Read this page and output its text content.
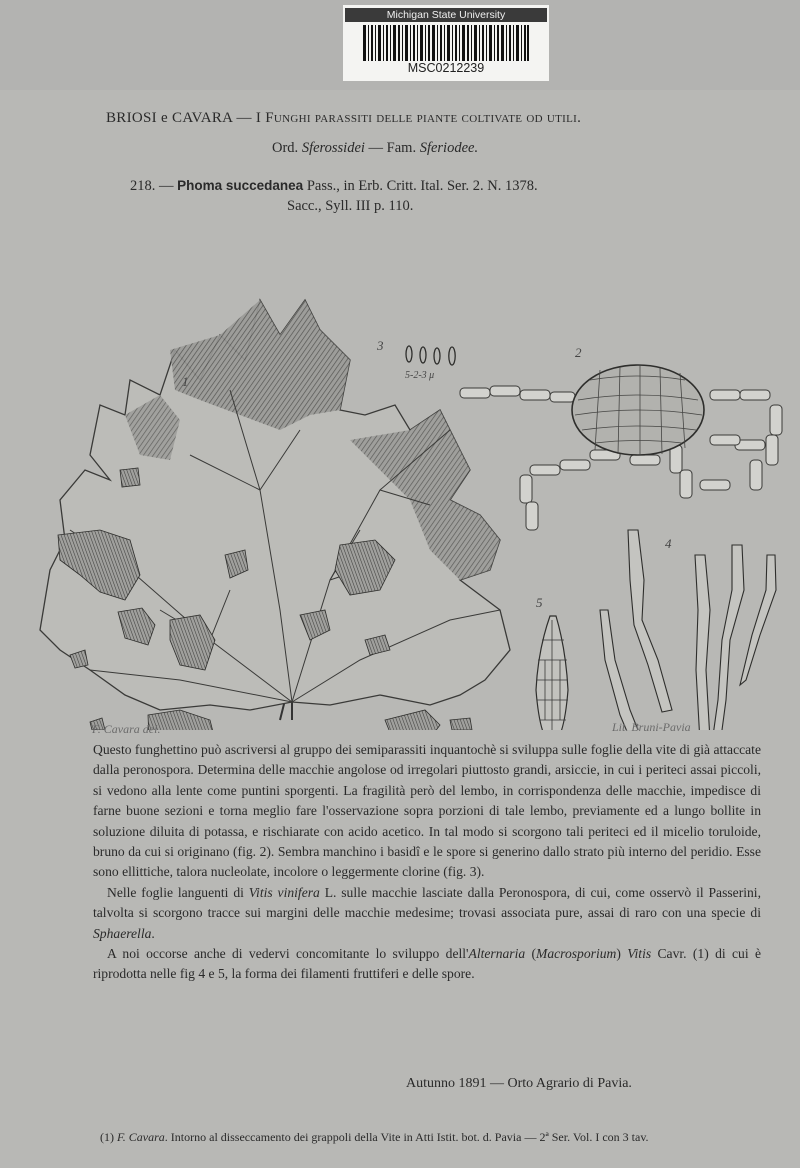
Michigan State University
MSC0212239
BRIOSI e CAVARA — I Funghi parassiti delle piante coltivate od utili.
Ord. Sferossidei — Fam. Sferiodee.
218. — Phoma succedanea Pass., in Erb. Critt. Ital. Ser. 2. N. 1378.
Sacc., Syll. III p. 110.
1
2
3
4
5
5-2-3 μ
F. Cavara del.	Lit. Bruni-Pavia

Questo funghettino può ascriversi al gruppo dei semiparassiti inquantochè si sviluppa sulle foglie della vite di già attaccate dalla peronospora. Determina delle macchie angolose od irregolari piuttosto grandi, arsiccie, in cui i periteci assai piccoli, si vedono alla lente come puntini sporgenti. La fragilità però del lembo, in corrispondenza delle macchie, impedisce di farne buone sezioni e torna meglio fare l'osservazione sopra porzioni di tale lembo, previamente ed a lungo bollite in soluzione diluita di potassa, e rischiarate con acido acetico. In tal modo si scorgono tali periteci ed il micelio toruloide, bruno da cui si originano (fig. 2). Sembra manchino i basidî e le spore si generino dallo strato più interno del peridio. Esse sono ellittiche, talora nucleolate, incolore o leggermente clorine (fig. 3).

Nelle foglie languenti di Vitis vinifera L. sulle macchie lasciate dalla Peronospora, di cui, come osservò il Passerini, talvolta si scorgono tracce sui margini delle macchie medesime; trovasi associata pure, assai di raro con una specie di Sphaerella.

A noi occorse anche di vedervi concomitante lo sviluppo dell'Alternaria (Macrosporium) Vitis Cavr. (1) di cui è riprodotta nelle fig 4 e 5, la forma dei filamenti fruttiferi e delle spore.

Autunno 1891 — Orto Agrario di Pavia.
(1) F. Cavara. Intorno al disseccamento dei grappoli della Vite in Atti Istit. bot. d. Pavia — 2ª Ser. Vol. I con 3 tav.
